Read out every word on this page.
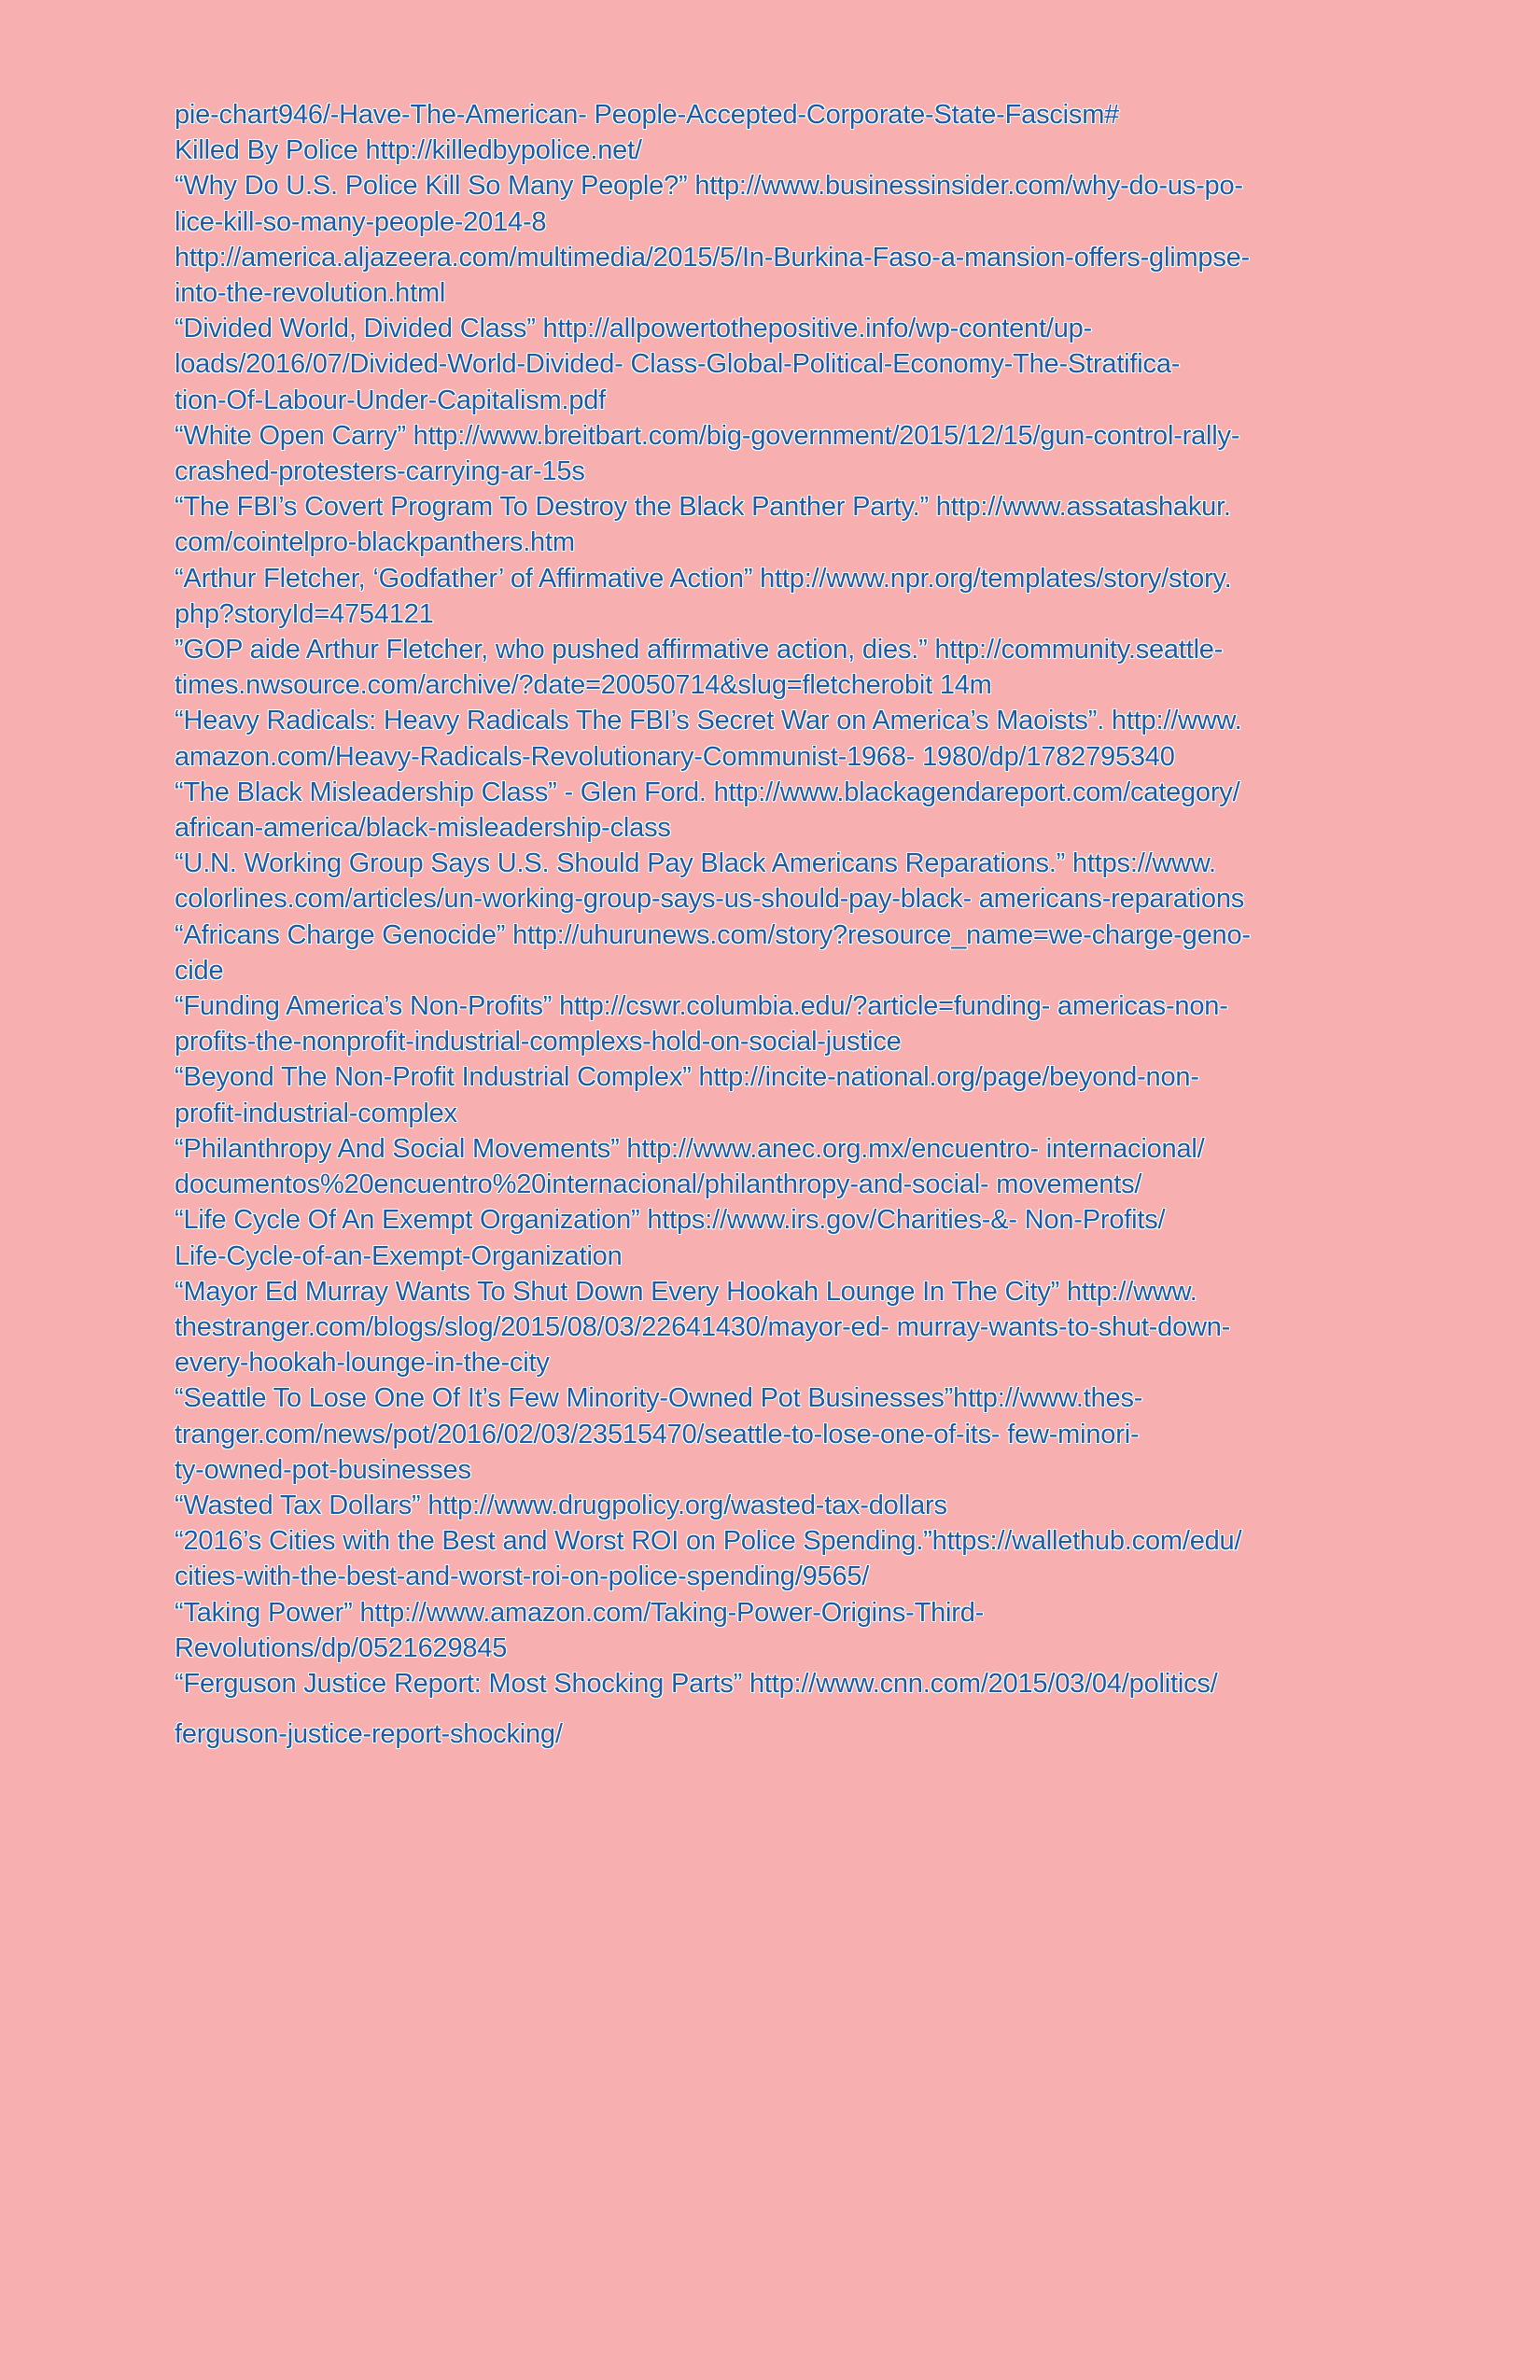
pie-chart946/-Have-The-American- People-Accepted-Corporate-State-Fascism#
Killed By Police http://killedbypolice.net/
“Why Do U.S. Police Kill So Many People?” http://www.businessinsider.com/why-do-us-po-
lice-kill-so-many-people-2014-8
http://america.aljazeera.com/multimedia/2015/5/In-Burkina-Faso-a-mansion-offers-glimpse-
into-the-revolution.html
“Divided World, Divided Class” http://allpowertothepositive.info/wp-content/up-
loads/2016/07/Divided-World-Divided- Class-Global-Political-Economy-The-Stratifica-
tion-Of-Labour-Under-Capitalism.pdf
“White Open Carry” http://www.breitbart.com/big-government/2015/12/15/gun-control-rally-
crashed-protesters-carrying-ar-15s
“The FBI’s Covert Program To Destroy the Black Panther Party.” http://www.assatashakur.
com/cointelpro-blackpanthers.htm
“Arthur Fletcher, ‘Godfather’ of Affirmative Action” http://www.npr.org/templates/story/story.
php?storyId=4754121
”GOP aide Arthur Fletcher, who pushed affirmative action, dies.” http://community.seattle-
times.nwsource.com/archive/?date=20050714&slug=fletcherobit 14m
“Heavy Radicals: Heavy Radicals The FBI’s Secret War on America’s Maoists”. http://www.
amazon.com/Heavy-Radicals-Revolutionary-Communist-1968- 1980/dp/1782795340
“The Black Misleadership Class” - Glen Ford. http://www.blackagendareport.com/category/
african-america/black-misleadership-class
“U.N. Working Group Says U.S. Should Pay Black Americans Reparations.” https://www.
colorlines.com/articles/un-working-group-says-us-should-pay-black- americans-reparations
“Africans Charge Genocide” http://uhurunews.com/story?resource_name=we-charge-geno-
cide
“Funding America’s Non-Profits” http://cswr.columbia.edu/?article=funding- americas-non-
profits-the-nonprofit-industrial-complexs-hold-on-social-justice
“Beyond The Non-Profit Industrial Complex” http://incite-national.org/page/beyond-non-
profit-industrial-complex
“Philanthropy And Social Movements” http://www.anec.org.mx/encuentro- internacional/
documentos%20encuentro%20internacional/philanthropy-and-social- movements/
“Life Cycle Of An Exempt Organization” https://www.irs.gov/Charities-&- Non-Profits/
Life-Cycle-of-an-Exempt-Organization
“Mayor Ed Murray Wants To Shut Down Every Hookah Lounge In The City” http://www.
thestranger.com/blogs/slog/2015/08/03/22641430/mayor-ed- murray-wants-to-shut-down-
every-hookah-lounge-in-the-city
“Seattle To Lose One Of It’s Few Minority-Owned Pot Businesses”http://www.thes-
tranger.com/news/pot/2016/02/03/23515470/seattle-to-lose-one-of-its- few-minori-
ty-owned-pot-businesses
“Wasted Tax Dollars” http://www.drugpolicy.org/wasted-tax-dollars
“2016’s Cities with the Best and Worst ROI on Police Spending.”https://wallethub.com/edu/
cities-with-the-best-and-worst-roi-on-police-spending/9565/
“Taking Power” http://www.amazon.com/Taking-Power-Origins-Third-
Revolutions/dp/0521629845
“Ferguson Justice Report: Most Shocking Parts” http://www.cnn.com/2015/03/04/politics/
ferguson-justice-report-shocking/
